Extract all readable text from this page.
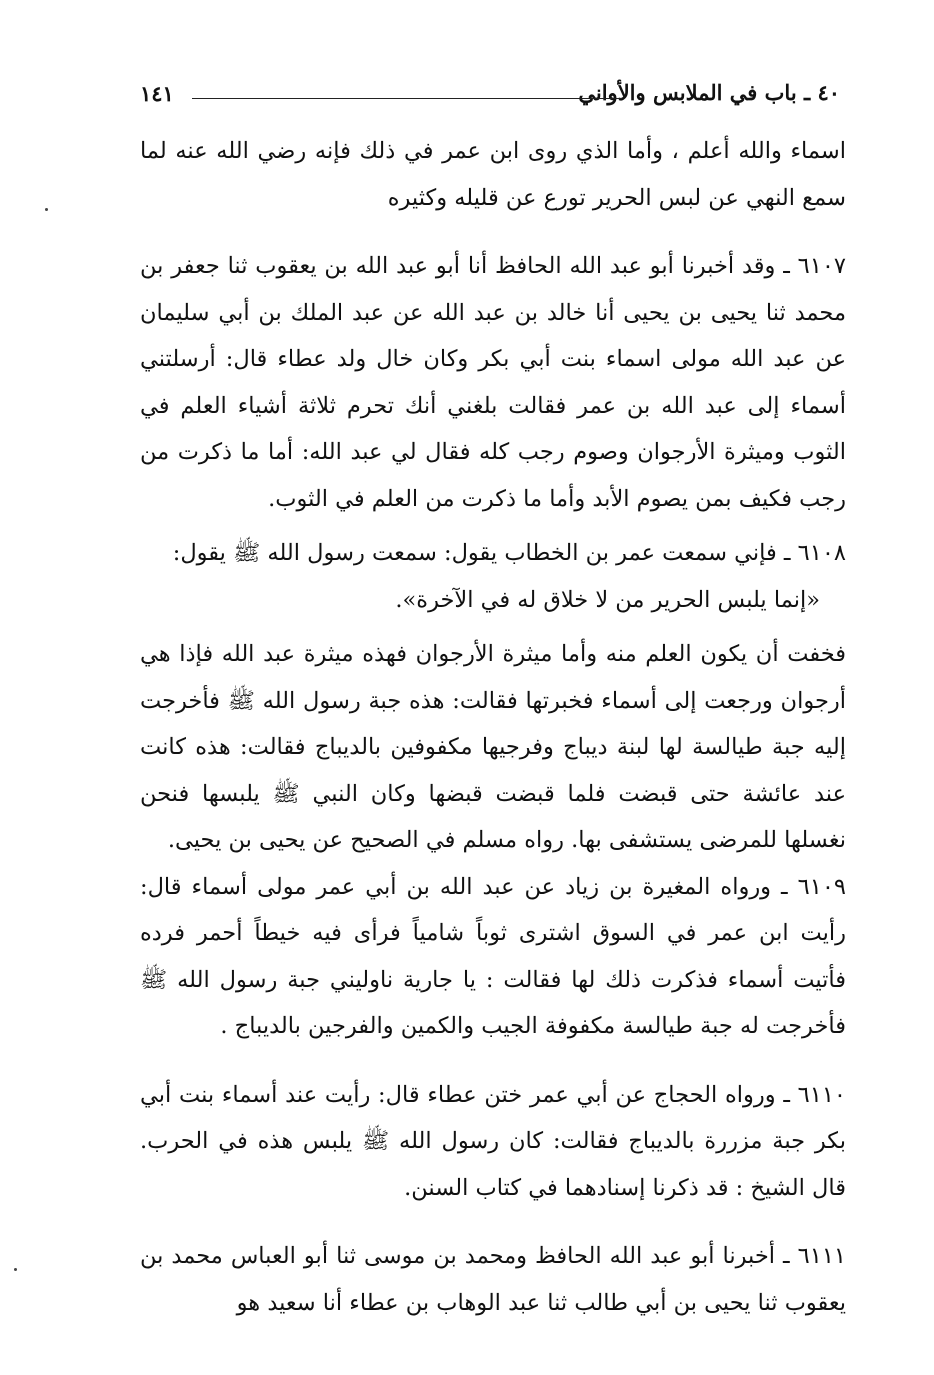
٤٠ ـ باب في الملابس والأواني
١٤١

اسماء والله أعلم ، وأما الذي روى ابن عمر في ذلك فإنه رضي الله عنه لما سمع النهي عن لبس الحرير تورع عن قليله وكثيره

٦١٠٧ ـ وقد أخبرنا أبو عبد الله الحافظ أنا أبو عبد الله بن يعقوب ثنا جعفر بن محمد ثنا يحيى بن يحيى أنا خالد بن عبد الله عن عبد الملك بن أبي سليمان عن عبد الله مولى اسماء بنت أبي بكر وكان خال ولد عطاء قال: أرسلتني أسماء إلى عبد الله بن عمر فقالت بلغني أنك تحرم ثلاثة أشياء العلم في الثوب وميثرة الأرجوان وصوم رجب كله فقال لي عبد الله: أما ما ذكرت من رجب فكيف بمن يصوم الأبد وأما ما ذكرت من العلم في الثوب.

٦١٠٨ ـ فإني سمعت عمر بن الخطاب يقول: سمعت رسول الله ﷺ يقول:

«إنما يلبس الحرير من لا خلاق له في الآخرة».

فخفت أن يكون العلم منه وأما ميثرة الأرجوان فهذه ميثرة عبد الله فإذا هي أرجوان ورجعت إلى أسماء فخبرتها فقالت: هذه جبة رسول الله ﷺ فأخرجت إليه جبة طيالسة لها لبنة ديباج وفرجيها مكفوفين بالديباج فقالت: هذه كانت عند عائشة حتى قبضت فلما قبضت قبضها وكان النبي ﷺ يلبسها فنحن نغسلها للمرضى يستشفى بها. رواه مسلم في الصحيح عن يحيى بن يحيى.

٦١٠٩ ـ ورواه المغيرة بن زياد عن عبد الله بن أبي عمر مولى أسماء قال: رأيت ابن عمر في السوق اشترى ثوباً شامياً فرأى فيه خيطاً أحمر فرده فأتيت أسماء فذكرت ذلك لها فقالت : يا جارية ناوليني جبة رسول الله ﷺ فأخرجت له جبة طيالسة مكفوفة الجيب والكمين والفرجين بالديباج .

٦١١٠ ـ ورواه الحجاج عن أبي عمر ختن عطاء قال: رأيت عند أسماء بنت أبي بكر جبة مزررة بالديباج فقالت: كان رسول الله ﷺ يلبس هذه في الحرب. قال الشيخ : قد ذكرنا إسنادهما في كتاب السنن.

٦١١١ ـ أخبرنا أبو عبد الله الحافظ ومحمد بن موسى ثنا أبو العباس محمد بن يعقوب ثنا يحيى بن أبي طالب ثنا عبد الوهاب بن عطاء أنا سعيد هو
